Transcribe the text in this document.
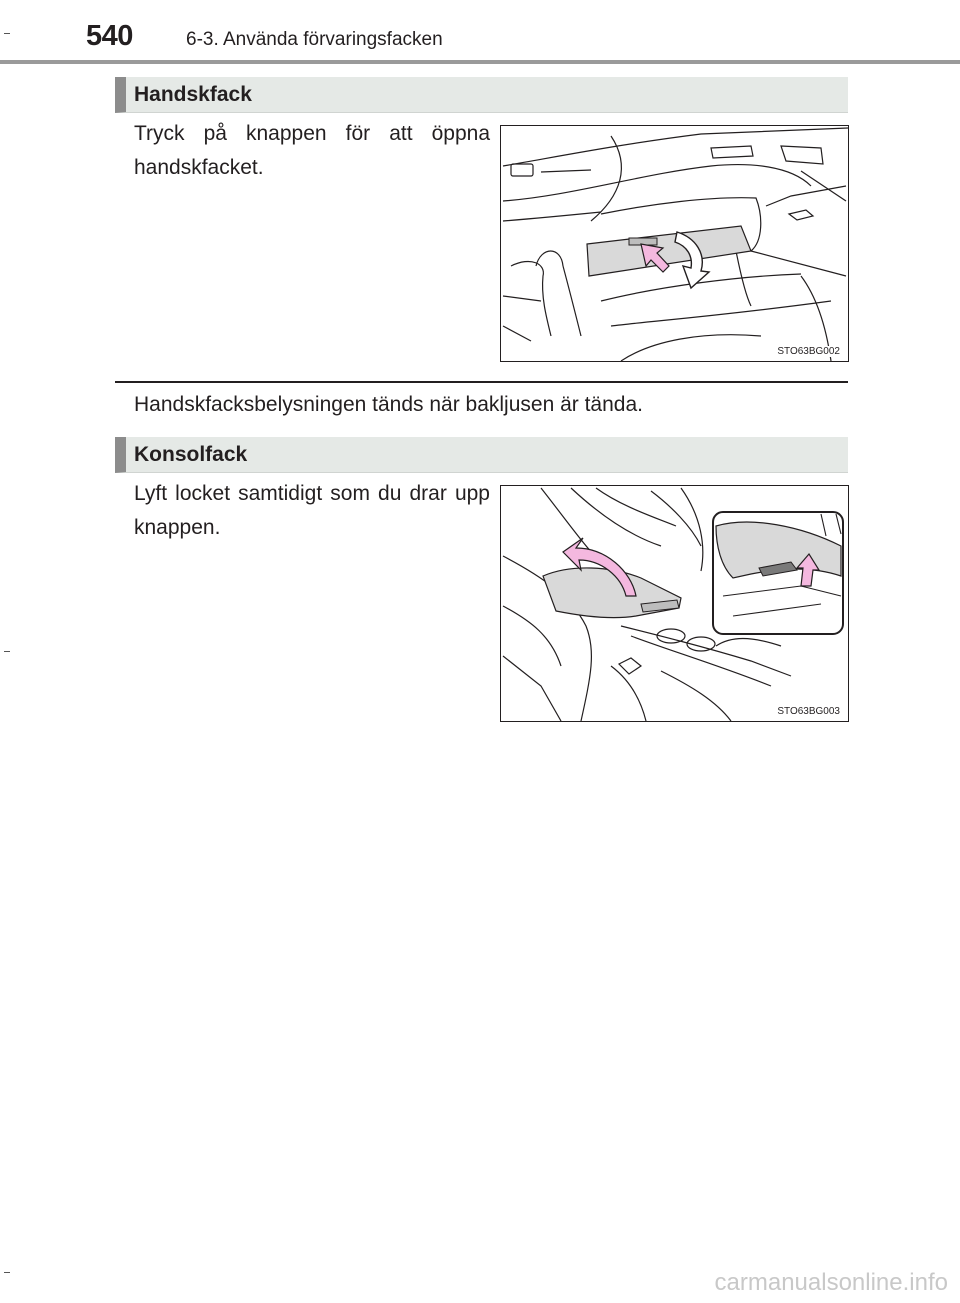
540	6-3. Använda förvaringsfacken
Handskfack
Tryck på knappen för att öppna handskfacket.
STO63BG002
Handskfacksbelysningen tänds när bakljusen är tända.
Konsolfack
Lyft locket samtidigt som du drar upp knappen.
STO63BG003
carmanualsonline.info
